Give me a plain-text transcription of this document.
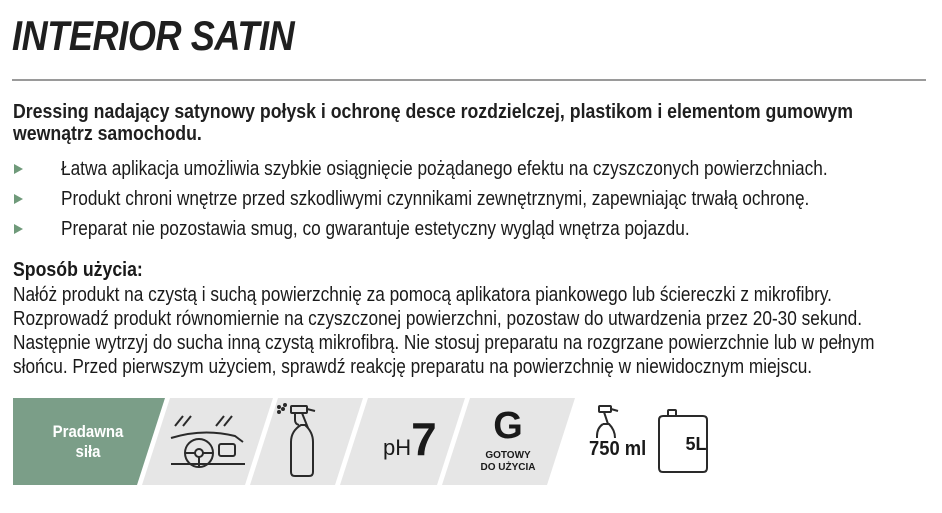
INTERIOR SATIN
Dressing nadający satynowy połysk i ochronę desce rozdzielczej, plastikom i elementom gumowym wewnątrz samochodu.
Łatwa aplikacja umożliwia szybkie osiągnięcie pożądanego efektu na czyszczonych powierzchniach.
Produkt chroni wnętrze przed szkodliwymi czynnikami zewnętrznymi, zapewniając trwałą ochronę.
Preparat nie pozostawia smug, co gwarantuje estetyczny wygląd wnętrza pojazdu.
Sposób użycia:
Nałóż produkt na czystą i suchą powierzchnię za pomocą aplikatora piankowego lub ściereczki z mikrofibry.
Rozprowadź produkt równomiernie na czyszczonej powierzchni, pozostaw do utwardzenia przez 20-30 sekund.
Następnie wytrzyj do sucha inną czystą mikrofibrą. Nie stosuj preparatu na rozgrzane powierzchnie lub w pełnym
słońcu. Przed pierwszym użyciem, sprawdź reakcję preparatu na powierzchnię w niewidocznym miejscu.
Pradawna
siła	pH7	G
GOTOWY
DO UŻYCIA
750 ml	5L
